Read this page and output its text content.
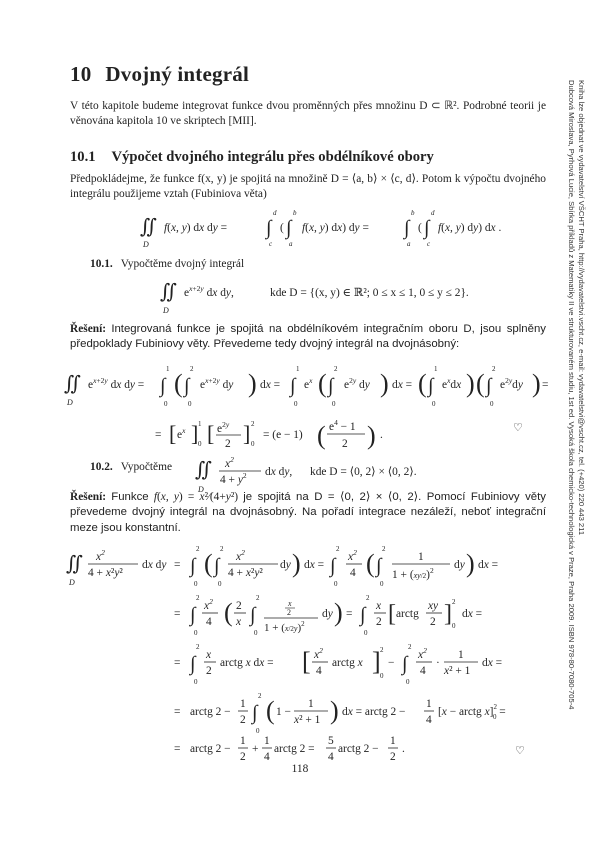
10 Dvojný integrál
V této kapitole budeme integrovat funkce dvou proměnných přes množinu D ⊂ ℝ². Podrobné teorii je věnována kapitola 10 ve skriptech [MII].
10.1 Výpočet dvojného integrálu přes obdélníkové obory
Předpokládejme, že funkce f(x, y) je spojitá na množině D = ⟨a, b⟩ × ⟨c, d⟩. Potom k výpočtu dvojného integrálu použijeme vztah (Fubiniova věta)
∬
D
f(x, y) dx dy = ∫
d
c
( ∫
b
a
f(x, y) dx) dy = ∫
b
a
( ∫
d
c
f(x, y) dy) dx .
10.1. Vypočtěme dvojný integrál
∬
D
$e^{x+2y}$ dx dy,	kde D = {(x, y) ∈ ℝ²; 0 ≤ x ≤ 1, 0 ≤ y ≤ 2}.
Řešení: Integrovaná funkce je spojitá na obdélníkovém integračním oboru D, jsou splněny předpoklady Fubiniovy věty. Převedeme tedy dvojný integrál na dvojnásobný:
∬
D
$e^{x+2y}$ dx dy = ∫
1
0
( ∫
2
0
$e^{x+2y}$ dy ) dx = ∫
1
0
$e^x$ ( ∫
2
0
$e^{2y}$ dy ) dx = ( ∫
1
0
$e^xdx$ ) ( ∫
2
0
$e^{2y}dy$ ) =
= [ $e^x$ ] 1
0 [ $e^{2y}$
2 ] 2
0
= (e − 1) ( $e^4 - 1$
2 ) .
♡
10.2. Vypočtěme ∬
D
$x^2$
$4 + y^2$ dx dy, kde D = ⟨0, 2⟩ × ⟨0, 2⟩.
Řešení: Funkce f(x, y) = x²⁄(4+y²) je spojitá na D = ⟨0, 2⟩ × ⟨0, 2⟩. Pomocí Fubiniovy věty převedeme dvojný integrál na dvojnásobný. Na pořadí integrace nezáleží, neboť integrační meze jsou konstantní.
∬
D
$x^2$
4 + x²y²
dx dy = ∫
2
0
( ∫
2
0
$x^2$
4 + x²y²
dy ) dx = ∫
2
0
$x^2$
4 ( ∫
2
0
1
$1 + (xy/2)^2$ dy ) dx =
= ∫
2
0
$x^2$
4 ( 2
x ∫
2
0
x
2
$1 + (x/2y)^2$
dy ) = ∫
2
0
x
2 [ arctg
xy
2 ] 2
0
dx =
= ∫
2
0
x
2
arctg x dx = [ $x^2$
4
arctg x ] 2
0
− ∫
2
0
$x^2$
4
·
1
x² + 1
dx =
= arctg 2 −
1
2 ∫
2
0
( 1 −
1
x² + 1 ) dx = arctg 2 −
1
4
[x − arctg x]$^2$ 0 =
= arctg 2 −
1
2
+
1
4
arctg 2 =
5
4
arctg 2 −
1
2
.	♡
118
Dubcová Miroslava, Pyrhová Lucie, Sbírka příkladů z Matematiky II ve strukturovaném studiu, 1st ed. Vysoká škola chemicko-technologická v Praze, Praha 2009. ISBN 978-80-7080-705-4 Kniha lze objednat ve vydavatelství VŠCHT Praha, http://vydavatelstvi.vscht.cz, e-mail: vydavatelstvi@vscht.cz, tel. (+420) 220 443 211
